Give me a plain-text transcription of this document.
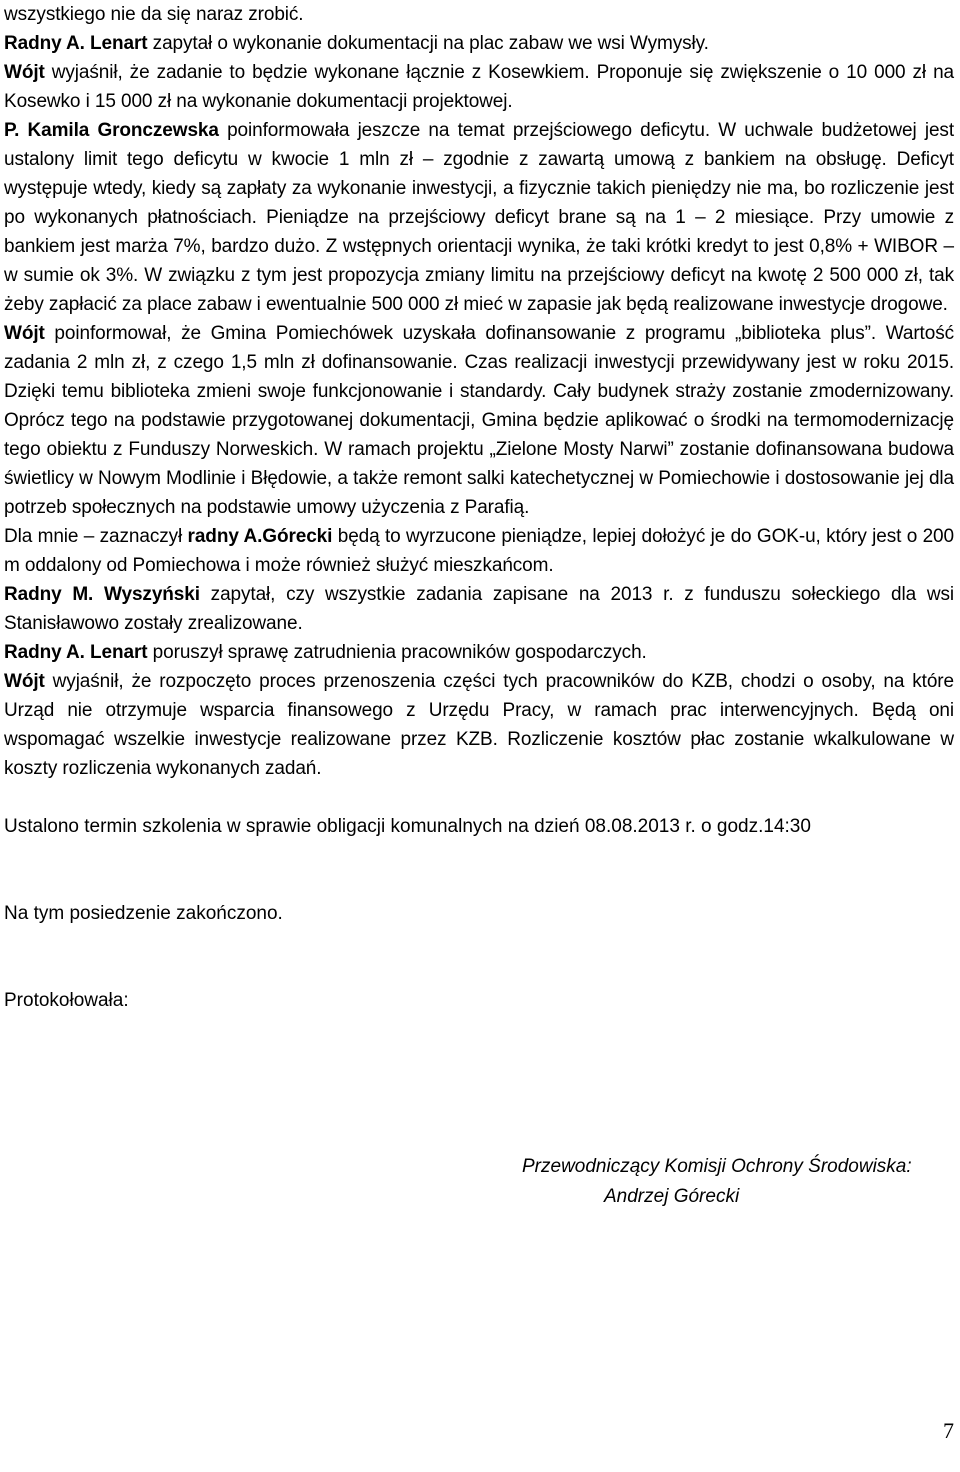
wszystkiego nie da się naraz zrobić.

Radny A. Lenart zapytał o wykonanie dokumentacji na plac zabaw we wsi Wymysły.

Wójt wyjaśnił, że zadanie to będzie wykonane łącznie z Kosewkiem. Proponuje się zwiększenie o 10 000 zł na Kosewko i 15 000 zł na wykonanie dokumentacji projektowej.

P. Kamila Gronczewska poinformowała jeszcze na temat przejściowego deficytu. W uchwale budżetowej jest ustalony limit tego deficytu w kwocie 1 mln zł – zgodnie z zawartą umową z bankiem na obsługę. Deficyt występuje wtedy, kiedy są zapłaty za wykonanie inwestycji, a fizycznie takich pieniędzy nie ma, bo rozliczenie jest po wykonanych płatnościach. Pieniądze na przejściowy deficyt brane są na 1 – 2 miesiące. Przy umowie z bankiem jest marża 7%, bardzo dużo. Z wstępnych orientacji wynika, że taki krótki kredyt to jest 0,8% + WIBOR – w sumie ok 3%. W związku z tym jest propozycja zmiany limitu na przejściowy deficyt na kwotę 2 500 000 zł, tak żeby zapłacić za place zabaw i ewentualnie 500 000 zł mieć w zapasie jak będą realizowane inwestycje drogowe.

Wójt poinformował, że Gmina Pomiechówek uzyskała dofinansowanie z programu „biblioteka plus”. Wartość zadania 2 mln zł, z czego 1,5 mln zł dofinansowanie. Czas realizacji inwestycji przewidywany jest w roku 2015. Dzięki temu biblioteka zmieni swoje funkcjonowanie i standardy. Cały budynek straży zostanie zmodernizowany. Oprócz tego na podstawie przygotowanej dokumentacji, Gmina będzie aplikować o środki na termomodernizację tego obiektu z Funduszy Norweskich. W ramach projektu „Zielone Mosty Narwi” zostanie dofinansowana budowa świetlicy w Nowym Modlinie i Błędowie, a także remont salki katechetycznej w Pomiechowie i dostosowanie jej dla potrzeb społecznych na podstawie umowy użyczenia z Parafią.

Dla mnie – zaznaczył radny A.Górecki będą to wyrzucone pieniądze, lepiej dołożyć je do GOK-u, który jest o 200 m oddalony od Pomiechowa i może również służyć mieszkańcom.

Radny M. Wyszyński zapytał, czy wszystkie zadania zapisane na 2013 r. z funduszu sołeckiego dla wsi Stanisławowo zostały zrealizowane.

Radny A. Lenart poruszył sprawę zatrudnienia pracowników gospodarczych.

Wójt wyjaśnił, że rozpoczęto proces przenoszenia części tych pracowników do KZB, chodzi o osoby, na które Urząd nie otrzymuje wsparcia finansowego z Urzędu Pracy, w ramach prac interwencyjnych. Będą oni wspomagać wszelkie inwestycje realizowane przez KZB. Rozliczenie kosztów płac zostanie wkalkulowane w koszty rozliczenia wykonanych zadań.

Ustalono termin szkolenia w sprawie obligacji komunalnych na dzień 08.08.2013 r. o godz.14:30

Na tym posiedzenie zakończono.

Protokołowała:

Przewodniczący Komisji Ochrony Środowiska:
Andrzej Górecki
7
